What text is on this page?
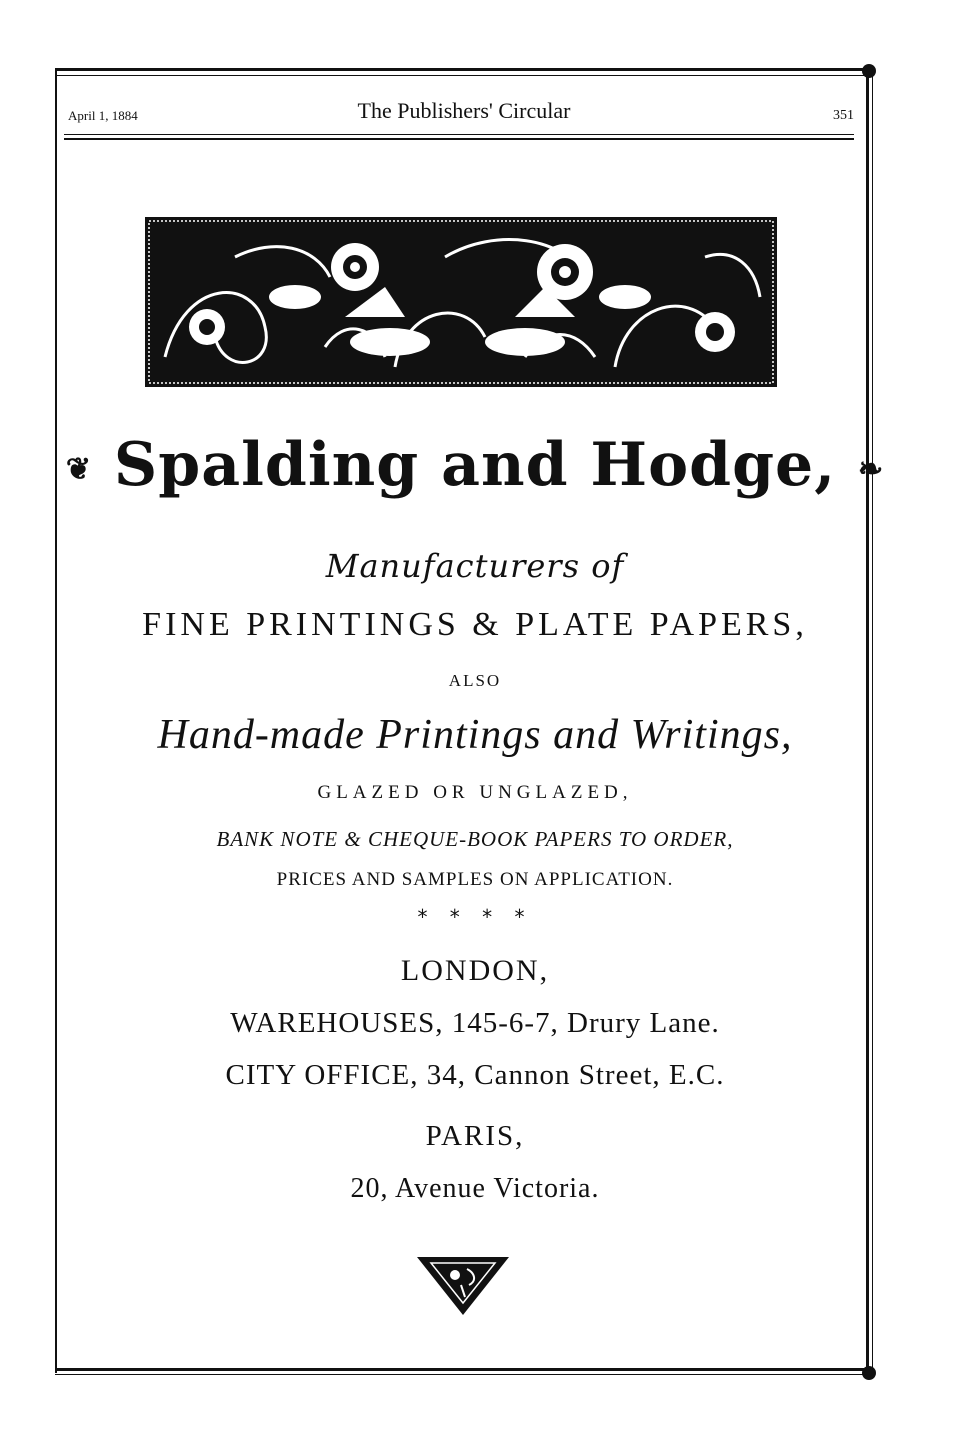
April 1, 1884	The Publishers' Circular	351
❦ Spalding and Hodge, ❧
Manufacturers of
FINE PRINTINGS & PLATE PAPERS,
ALSO
Hand-made Printings and Writings,
GLAZED OR UNGLAZED,
BANK NOTE & CHEQUE-BOOK PAPERS TO ORDER,
PRICES AND SAMPLES ON APPLICATION.
* * * *
LONDON,
WAREHOUSES, 145-6-7, Drury Lane.
CITY OFFICE, 34, Cannon Street, E.C.
PARIS,
20, Avenue Victoria.
